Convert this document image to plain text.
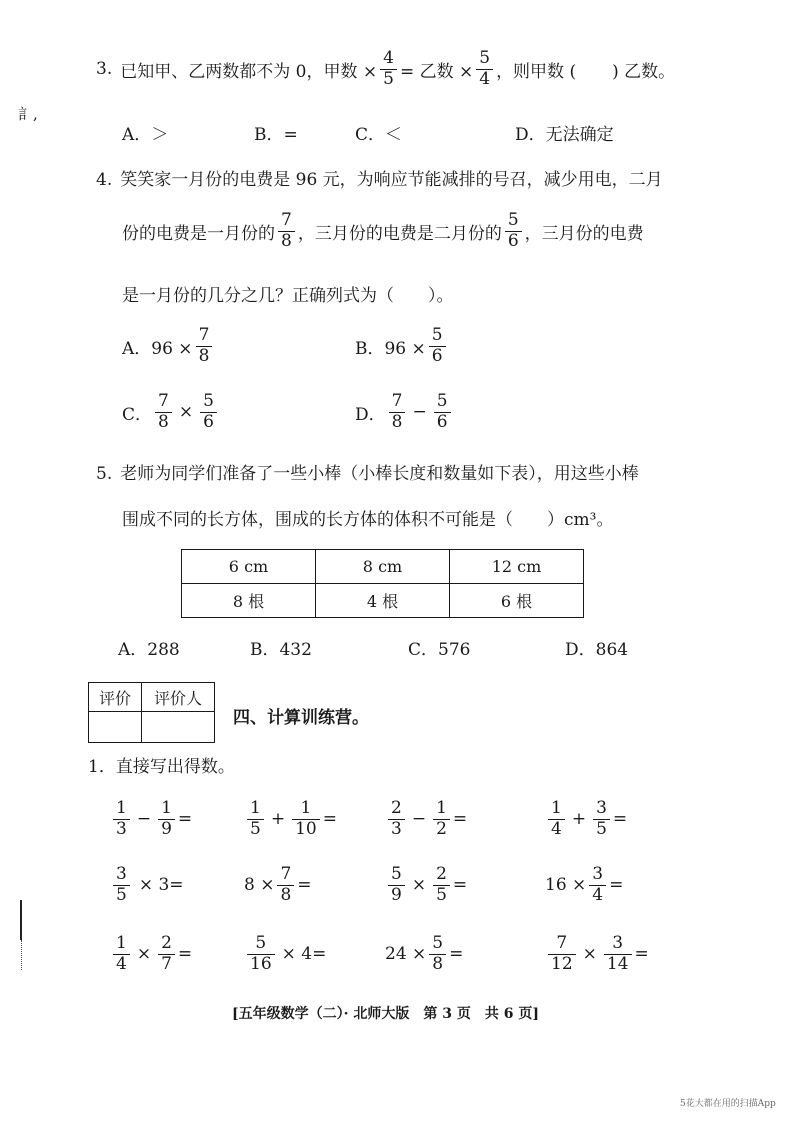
訁,
3. 已知甲、乙两数都不为 0，甲数 × $\frac{4}{5}$ = 乙数 × $\frac{5}{4}$ ，则甲数 ( ) 乙数。
A．＞	B．=	C．＜	D．无法确定
4. 笑笑家一月份的电费是 96 元，为响应节能减排的号召，减少用电，二月
份的电费是一月份的 $\frac{7}{8}$ ，三月份的电费是二月份的 $\frac{5}{6}$ ，三月份的电费
是一月份的几分之几？正确列式为（　　）。
A．$96 \times \frac{7}{8}$	B．$96 \times \frac{5}{6}$
C． $\frac{7}{8} \times \frac{5}{6}$	D． $\frac{7}{8} - \frac{5}{6}$
5. 老师为同学们准备了一些小棒（小棒长度和数量如下表），用这些小棒
围成不同的长方体，围成的长方体的体积不可能是（　　）cm³。
6 cm	8 cm	12 cm
8 根	4 根	6 根
A．288	B．432	C．576	D．864
评价	评价人

四、计算训练营。
1．直接写出得数。
$\frac{1}{3} - \frac{1}{9}$ =	$\frac{1}{5} + \frac{1}{10}$ =	$\frac{2}{3} - \frac{1}{2}$ =	$\frac{1}{4} + \frac{3}{5}$ =
$\frac{3}{5} \times 3=$	$8 \times \frac{7}{8}$ =	$\frac{5}{9} \times \frac{2}{5}$ =	$16 \times \frac{3}{4}$ =
$\frac{1}{4} \times \frac{2}{7}$ =	$\frac{5}{16} \times 4=$	$24 \times \frac{5}{8}$ =	$\frac{7}{12} \times \frac{3}{14}$ =
[五年级数学（二）· 北师大版　第 3 页　共 6 页]
5花大都在用的扫描App
